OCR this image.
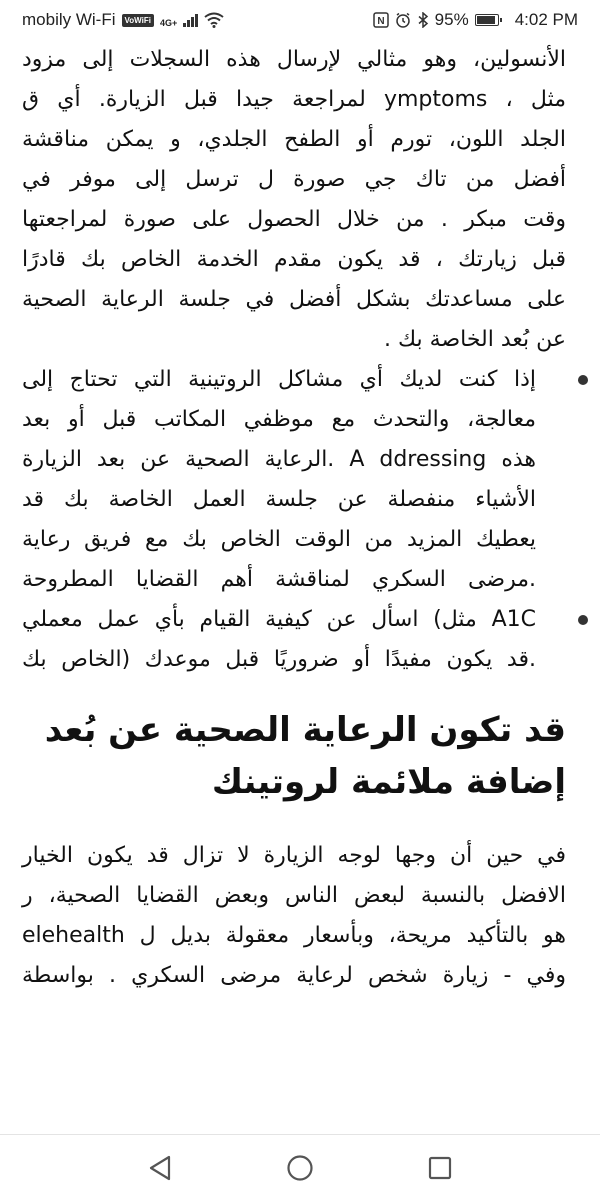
mobily Wi-Fi	VoWiFi	4G+	N	95%	4:02 PM

الأنسولين، وهو مثالي لإرسال هذه السجلات إلى مزود

مثل ، ymptoms لمراجعة جيدا قبل الزيارة. أي ق

الجلد اللون، تورم أو الطفح الجلدي، و يمكن مناقشة

أفضل من تاك جي صورة ل ترسل إلى موفر في

وقت مبكر . من خلال الحصول على صورة لمراجعتها

قبل زيارتك ، قد يكون مقدم الخدمة الخاص بك قادرًا

على مساعدتك بشكل أفضل في جلسة الرعاية الصحية

عن بُعد الخاصة بك .

إذا كنت لديك أي مشاكل الروتينية التي تحتاج إلى

معالجة، والتحدث مع موظفي المكاتب قبل أو بعد

هذه A ddressing .الرعاية الصحية عن بعد الزيارة

الأشياء منفصلة عن جلسة العمل الخاصة بك قد

يعطيك المزيد من الوقت الخاص بك مع فريق رعاية

.مرضى السكري لمناقشة أهم القضايا المطروحة

A1C مثل) اسأل عن كيفية القيام بأي عمل معملي

.قد يكون مفيدًا أو ضروريًا قبل موعدك (الخاص بك

قد تكون الرعاية الصحية عن بُعد
إضافة ملائمة لروتينك

في حين أن وجها لوجه الزيارة لا تزال قد يكون الخيار

الافضل بالنسبة لبعض الناس وبعض القضايا الصحية، ر

هو بالتأكيد مريحة، وبأسعار معقولة بديل ل elehealth

وفي - زيارة شخص لرعاية مرضى السكري . بواسطة
